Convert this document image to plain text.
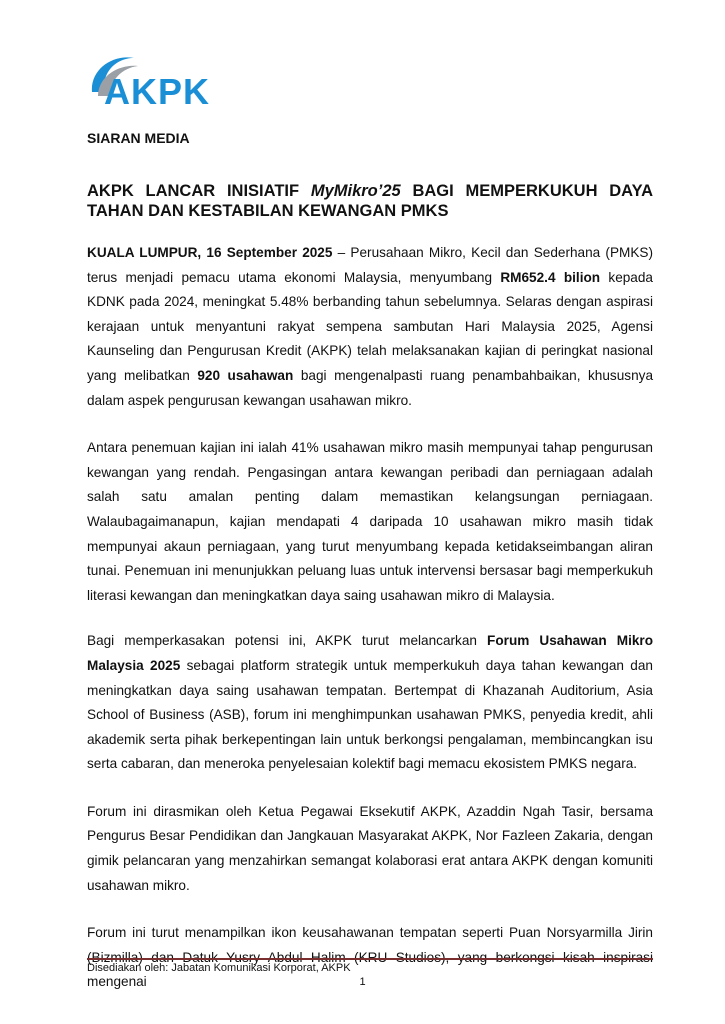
AKPK
SIARAN MEDIA
AKPK LANCAR INISIATIF MyMikro’25 BAGI MEMPERKUKUH DAYA TAHAN DAN KESTABILAN KEWANGAN PMKS

KUALA LUMPUR, 16 September 2025 – Perusahaan Mikro, Kecil dan Sederhana (PMKS) terus menjadi pemacu utama ekonomi Malaysia, menyumbang RM652.4 bilion kepada KDNK pada 2024, meningkat 5.48% berbanding tahun sebelumnya. Selaras dengan aspirasi kerajaan untuk menyantuni rakyat sempena sambutan Hari Malaysia 2025, Agensi Kaunseling dan Pengurusan Kredit (AKPK) telah melaksanakan kajian di peringkat nasional yang melibatkan 920 usahawan bagi mengenalpasti ruang penambahbaikan, khususnya dalam aspek pengurusan kewangan usahawan mikro.

Antara penemuan kajian ini ialah 41% usahawan mikro masih mempunyai tahap pengurusan kewangan yang rendah. Pengasingan antara kewangan peribadi dan perniagaan adalah salah satu amalan penting dalam memastikan kelangsungan perniagaan. Walaubagaimanapun, kajian mendapati 4 daripada 10 usahawan mikro masih tidak mempunyai akaun perniagaan, yang turut menyumbang kepada ketidakseimbangan aliran tunai. Penemuan ini menunjukkan peluang luas untuk intervensi bersasar bagi memperkukuh literasi kewangan dan meningkatkan daya saing usahawan mikro di Malaysia.

Bagi memperkasakan potensi ini, AKPK turut melancarkan Forum Usahawan Mikro Malaysia 2025 sebagai platform strategik untuk memperkukuh daya tahan kewangan dan meningkatkan daya saing usahawan tempatan. Bertempat di Khazanah Auditorium, Asia School of Business (ASB), forum ini menghimpunkan usahawan PMKS, penyedia kredit, ahli akademik serta pihak berkepentingan lain untuk berkongsi pengalaman, membincangkan isu serta cabaran, dan meneroka penyelesaian kolektif bagi memacu ekosistem PMKS negara.

Forum ini dirasmikan oleh Ketua Pegawai Eksekutif AKPK, Azaddin Ngah Tasir, bersama Pengurus Besar Pendidikan dan Jangkauan Masyarakat AKPK, Nor Fazleen Zakaria, dengan gimik pelancaran yang menzahirkan semangat kolaborasi erat antara AKPK dengan komuniti usahawan mikro.

Forum ini turut menampilkan ikon keusahawanan tempatan seperti Puan Norsyarmilla Jirin mengenai

Disediakan oleh: Jabatan Komunikasi Korporat, AKPK
1
